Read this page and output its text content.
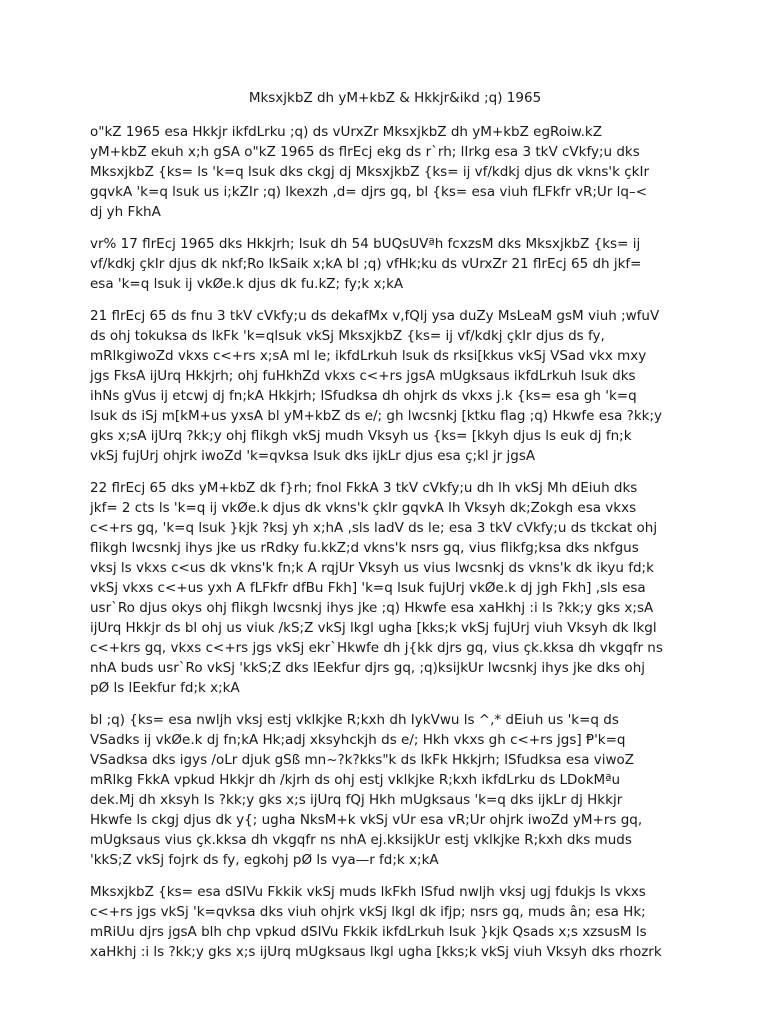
MksxjkbZ dh yM+kbZ & Hkkjr&ikd ;q) 1965
o"kZ 1965 esa Hkkjr ikfdLrku ;q) ds vUrxZr MksxjkbZ dh yM+kbZ egRoiw.kZ
yM+kbZ ekuh x;h gSA o"kZ 1965 ds flrEcj ekg ds r`rh; lIrkg esa 3 tkV cVkfy;u dks
MksxjkbZ {ks= ls 'k=q lsuk dks ckgj dj MksxjkbZ {ks= ij vf/kdkj djus dk vkns'k çkIr
gqvkA 'k=q lsuk us i;kZIr ;q) lkexzh ,d= djrs gq, bl {ks= esa viuh fLFkfr vR;Ur lq–<
dj yh FkhA
vr% 17 flrEcj 1965 dks Hkkjrh; lsuk dh 54 bUQsUVªh fcxzsM dks MksxjkbZ {ks= ij
vf/kdkj çkIr djus dk nkf;Ro lkSaik x;kA bl ;q) vfHk;ku ds vUrxZr 21 flrEcj 65 dh jkf=
esa 'k=q lsuk ij vkØe.k djus dk fu.kZ; fy;k x;kA
21 flrEcj 65 ds fnu 3 tkV cVkfy;u ds dekafMx v,fQlj ysa duZy MsLeaM gsM viuh ;wfuV
ds ohj tokuksa ds lkFk 'k=qlsuk vkSj MksxjkbZ {ks= ij vf/kdkj çkIr djus ds fy,
mRlkgiwoZd vkxs c<+rs x;sA ml le; ikfdLrkuh lsuk ds rksi[kkus vkSj VSad vkx mxy
jgs FksA ijUrq Hkkjrh; ohj fuHkhZd vkxs c<+rs jgsA mUgksaus ikfdLrkuh lsuk dks
ihNs gVus ij etcwj dj fn;kA Hkkjrh; lSfudksa dh ohjrk ds vkxs j.k {ks= esa gh 'k=q
lsuk ds iSj m[kM+us yxsA bl yM+kbZ ds e/; gh lwcsnkj [ktku flag ;q) Hkwfe esa ?kk;y
gks x;sA ijUrq ?kk;y ohj flikgh vkSj mudh Vksyh us {ks= [kkyh djus ls euk dj fn;k
vkSj fujUrj ohjrk iwoZd 'k=qvksa lsuk dks ijkLr djus esa ç;kl jr jgsA
22 flrEcj 65 dks yM+kbZ dk f}rh; fnol FkkA 3 tkV cVkfy;u dh lh vkSj Mh dEiuh dks
jkf= 2 cts ls 'k=q ij vkØe.k djus dk vkns'k çkIr gqvkA lh Vksyh dk;Zokgh esa vkxs
c<+rs gq, 'k=q lsuk }kjk ?ksj yh x;hA ,sls ladV ds le; esa 3 tkV cVkfy;u ds tkckat ohj
flikgh lwcsnkj ihys jke us rRdky fu.kkZ;d vkns'k nsrs gq, vius flikfg;ksa dks nkfgus
vksj ls vkxs c<us dk vkns'k fn;k A rqjUr Vksyh us vius lwcsnkj ds vkns'k dk ikyu fd;k
vkSj vkxs c<+us yxh A fLFkfr dfBu Fkh] 'k=q lsuk fujUrj vkØe.k dj jgh Fkh] ,sls esa
usr`Ro djus okys ohj flikgh lwcsnkj ihys jke ;q) Hkwfe esa xaHkhj :i ls ?kk;y gks x;sA
ijUrq Hkkjr ds bl ohj us viuk /kS;Z vkSj lkgl ugha [kks;k vkSj fujUrj viuh Vksyh dk lkgl
c<+krs gq, vkxs c<+rs jgs vkSj ekr`Hkwfe dh j{kk djrs gq, vius çk.kksa dh vkgqfr ns
nhA buds usr`Ro vkSj 'kkS;Z dks lEekfur djrs gq, ;q)ksijkUr lwcsnkj ihys jke dks ohj
pØ ls lEekfur fd;k x;kA
bl ;q) {ks= esa nwljh vksj estj vklkjke R;kxh dh IykVwu ls ^,* dEiuh us 'k=q ds
VSadks ij vkØe.k dj fn;kA Hk;adj xksyhckjh ds e/; Hkh vkxs gh c<+rs jgs] Ᵽ'k=q
VSadksa dks igys /oLr djuk gSß mn~?k?kks"k ds lkFk Hkkjrh; lSfudksa esa viwoZ
mRlkg FkkA vpkud Hkkjr dh /kjrh ds ohj estj vklkjke R;kxh ikfdLrku ds LDokMªu
dek.Mj dh xksyh ls ?kk;y gks x;s ijUrq fQj Hkh mUgksaus 'k=q dks ijkLr dj Hkkjr
Hkwfe ls ckgj djus dk y{; ugha NksM+k vkSj vUr esa vR;Ur ohjrk iwoZd yM+rs gq,
mUgksaus vius çk.kksa dh vkgqfr ns nhA ej.kksijkUr estj vklkjke R;kxh dks muds
'kkS;Z vkSj fojrk ds fy, egkohj pØ ls vya—r fd;k x;kA
MksxjkbZ {ks= esa dSIVu Fkkik vkSj muds lkFkh lSfud nwljh vksj ugj fdukjs ls vkxs
c<+rs jgs vkSj 'k=qvksa dks viuh ohjrk vkSj lkgl dk ifjp; nsrs gq, muds ân; esa Hk;
mRiUu djrs jgsA blh chp vpkud dSIVu Fkkik ikfdLrkuh lsuk }kjk Qsads x;s xzsusM ls
xaHkhj :i ls ?kk;y gks x;s ijUrq mUgksaus lkgl ugha [kks;k vkSj viuh Vksyh dks rhozrk
